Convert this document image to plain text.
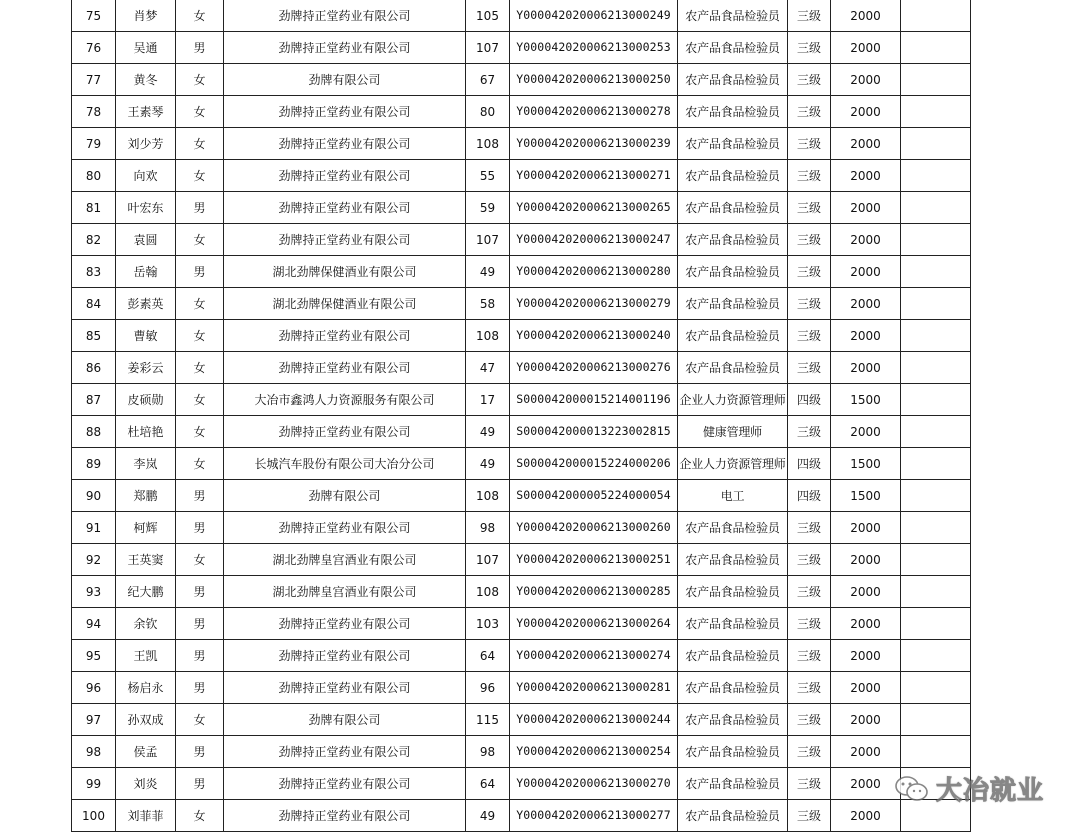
75	肖梦	女	劲牌持正堂药业有限公司	105	Y000042020006213000249	农产品食品检验员	三级	2000	
76	吴通	男	劲牌持正堂药业有限公司	107	Y000042020006213000253	农产品食品检验员	三级	2000	
77	黄冬	女	劲牌有限公司	67	Y000042020006213000250	农产品食品检验员	三级	2000	
78	王素琴	女	劲牌持正堂药业有限公司	80	Y000042020006213000278	农产品食品检验员	三级	2000	
79	刘少芳	女	劲牌持正堂药业有限公司	108	Y000042020006213000239	农产品食品检验员	三级	2000	
80	向欢	女	劲牌持正堂药业有限公司	55	Y000042020006213000271	农产品食品检验员	三级	2000	
81	叶宏东	男	劲牌持正堂药业有限公司	59	Y000042020006213000265	农产品食品检验员	三级	2000	
82	袁圆	女	劲牌持正堂药业有限公司	107	Y000042020006213000247	农产品食品检验员	三级	2000	
83	岳翰	男	湖北劲牌保健酒业有限公司	49	Y000042020006213000280	农产品食品检验员	三级	2000	
84	彭素英	女	湖北劲牌保健酒业有限公司	58	Y000042020006213000279	农产品食品检验员	三级	2000	
85	曹敏	女	劲牌持正堂药业有限公司	108	Y000042020006213000240	农产品食品检验员	三级	2000	
86	姜彩云	女	劲牌持正堂药业有限公司	47	Y000042020006213000276	农产品食品检验员	三级	2000	
87	皮硕勋	女	大冶市鑫鸿人力资源服务有限公司	17	S000042000015214001196	企业人力资源管理师	四级	1500	
88	杜培艳	女	劲牌持正堂药业有限公司	49	S000042000013223002815	健康管理师	三级	2000	
89	李岚	女	长城汽车股份有限公司大冶分公司	49	S000042000015224000206	企业人力资源管理师	四级	1500	
90	郑鹏	男	劲牌有限公司	108	S000042000005224000054	电工	四级	1500	
91	柯辉	男	劲牌持正堂药业有限公司	98	Y000042020006213000260	农产品食品检验员	三级	2000	
92	王英窦	女	湖北劲牌皇宫酒业有限公司	107	Y000042020006213000251	农产品食品检验员	三级	2000	
93	纪大鹏	男	湖北劲牌皇宫酒业有限公司	108	Y000042020006213000285	农产品食品检验员	三级	2000	
94	余钦	男	劲牌持正堂药业有限公司	103	Y000042020006213000264	农产品食品检验员	三级	2000	
95	王凯	男	劲牌持正堂药业有限公司	64	Y000042020006213000274	农产品食品检验员	三级	2000	
96	杨启永	男	劲牌持正堂药业有限公司	96	Y000042020006213000281	农产品食品检验员	三级	2000	
97	孙双成	女	劲牌有限公司	115	Y000042020006213000244	农产品食品检验员	三级	2000	
98	侯孟	男	劲牌持正堂药业有限公司	98	Y000042020006213000254	农产品食品检验员	三级	2000	
99	刘炎	男	劲牌持正堂药业有限公司	64	Y000042020006213000270	农产品食品检验员	三级	2000	
100	刘菲菲	女	劲牌持正堂药业有限公司	49	Y000042020006213000277	农产品食品检验员	三级	2000	
大冶就业
